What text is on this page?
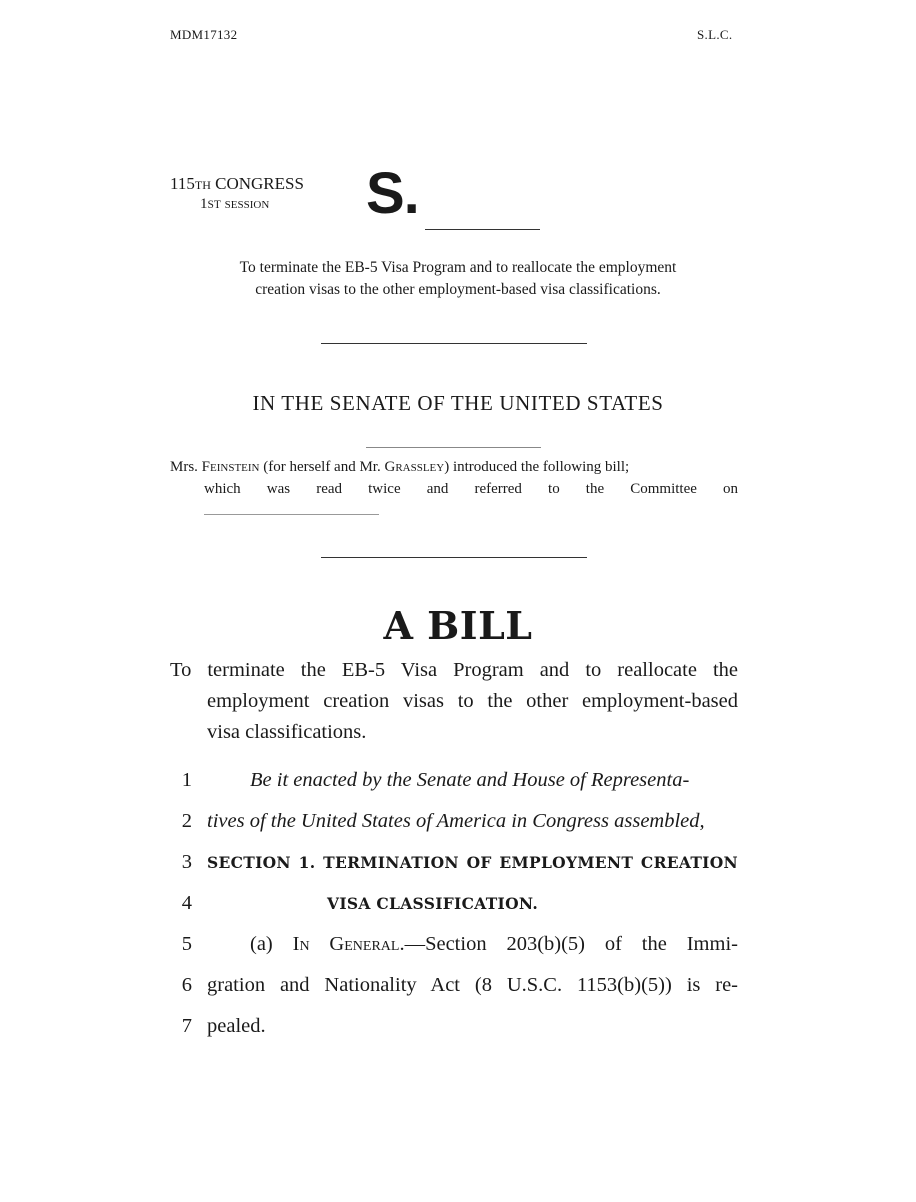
MDM17132	S.L.C.
115TH CONGRESS
1ST session S.
To terminate the EB-5 Visa Program and to reallocate the employment
creation visas to the other employment-based visa classifications.
IN THE SENATE OF THE UNITED STATES
Mrs. Feinstein (for herself and Mr. Grassley) introduced the following bill;
which was read twice and referred to the Committee on
A BILL
To terminate the EB-5 Visa Program and to reallocate the
employment creation visas to the other employment-based
visa classifications.
1	Be it enacted by the Senate and House of Representa-
2 tives of the United States of America in Congress assembled,
3 SECTION 1. TERMINATION OF EMPLOYMENT CREATION
4	VISA CLASSIFICATION.
5	(a) In General.—Section 203(b)(5) of the Immi-
6 gration and Nationality Act (8 U.S.C. 1153(b)(5)) is re-
7 pealed.
